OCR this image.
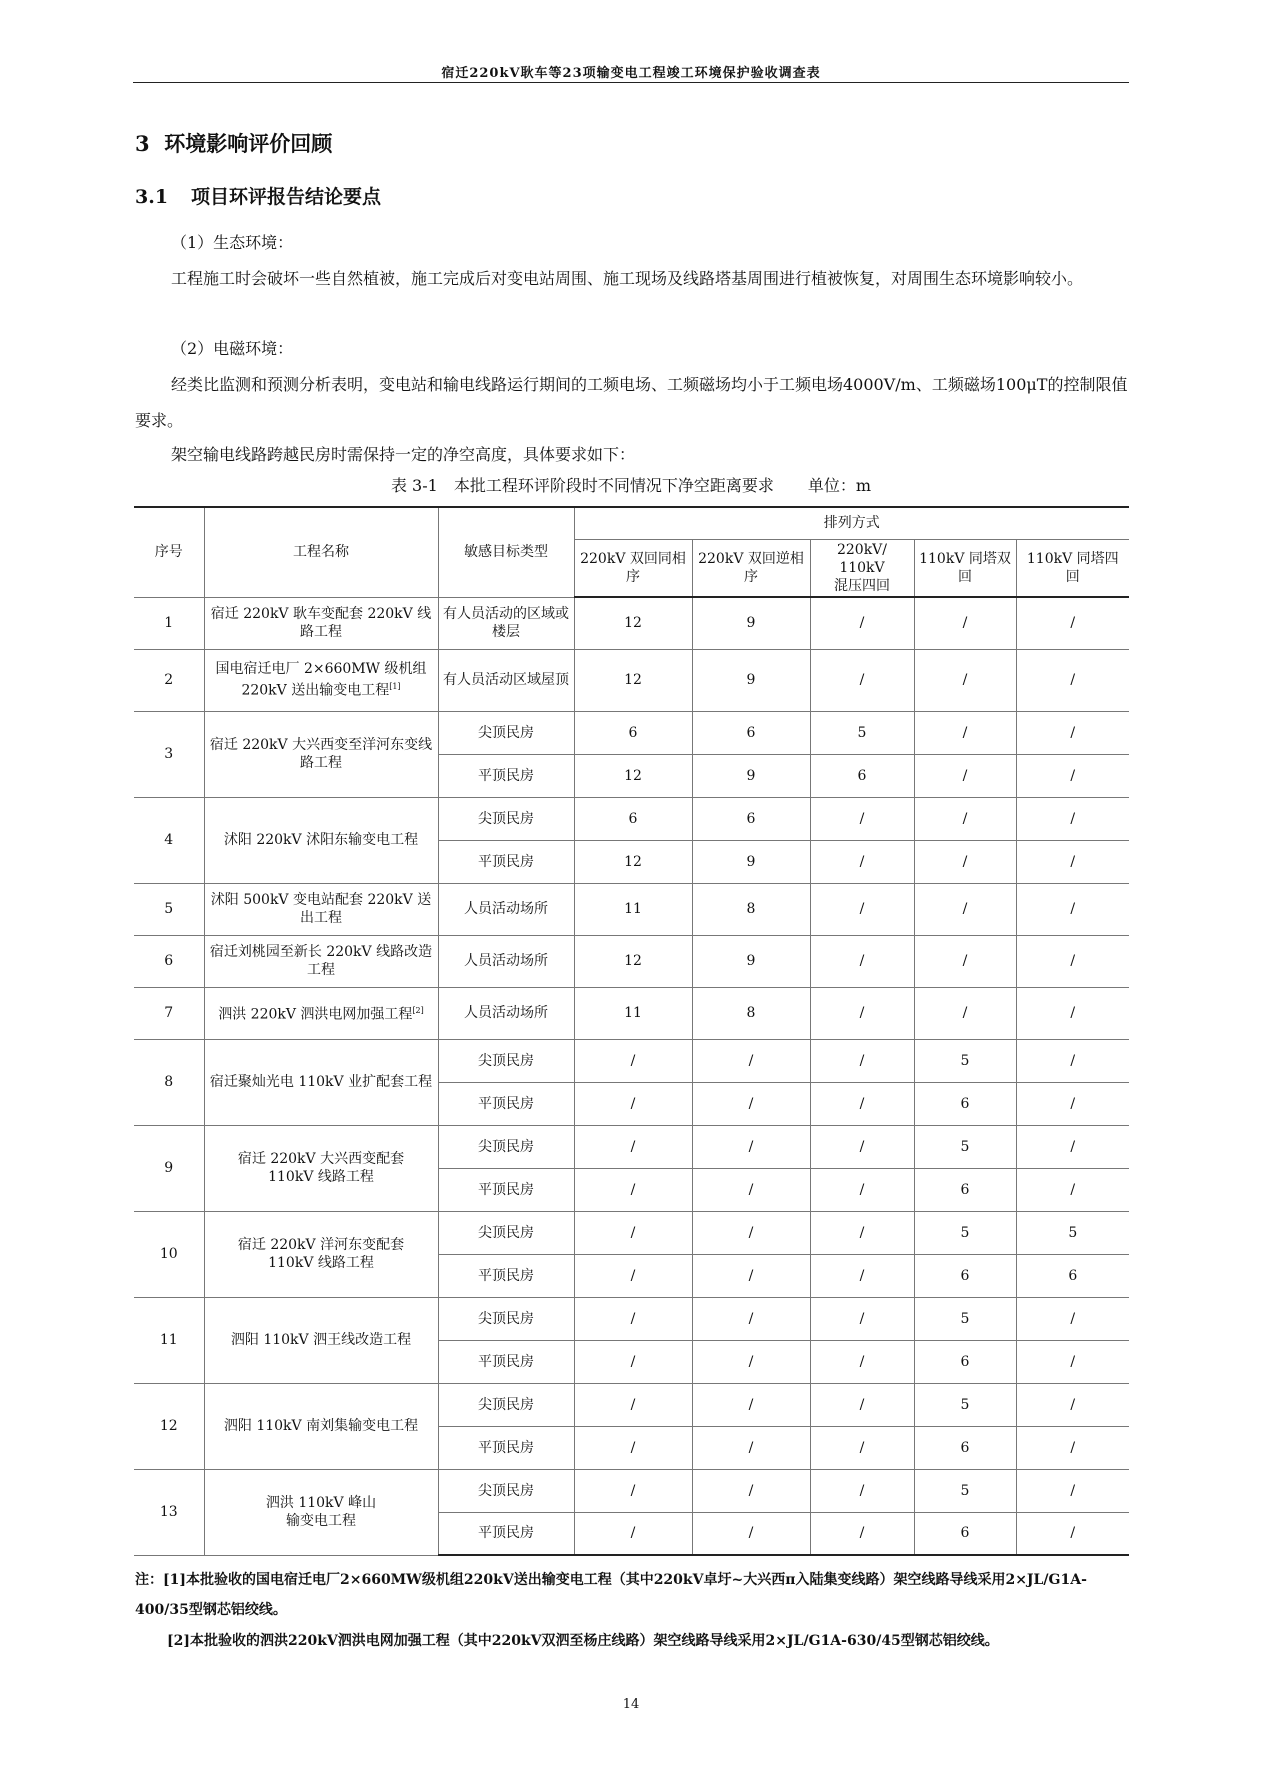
宿迁220kV耿车等23项输变电工程竣工环境保护验收调查表
3 环境影响评价回顾
3.1 项目环评报告结论要点
（1）生态环境：
工程施工时会破坏一些自然植被，施工完成后对变电站周围、施工现场及线路塔基周围进行植被恢复，对周围生态环境影响较小。
（2）电磁环境：
经类比监测和预测分析表明，变电站和输电线路运行期间的工频电场、工频磁场均小于工频电场4000V/m、工频磁场100μT的控制限值要求。
架空输电线路跨越民房时需保持一定的净空高度，具体要求如下：
表 3-1　本批工程环评阶段时不同情况下净空距离要求 单位：m
序号	工程名称	敏感目标类型	排列方式				
			220kV 双回同相序	220kV 双回逆相序	220kV/
110kV
混压四回	110kV 同塔双回	110kV 同塔四回
1	宿迁 220kV 耿车变配套 220kV 线路工程	有人员活动的区域或楼层	12	9	/	/	/
2	国电宿迁电厂 2×660MW 级机组
220kV 送出输变电工程[1]	有人员活动区域屋顶	12	9	/	/	/
3	宿迁 220kV 大兴西变至洋河东变线路工程	尖顶民房	6	6	5	/	/
		平顶民房	12	9	6	/	/
4	沭阳 220kV 沭阳东输变电工程	尖顶民房	6	6	/	/	/
		平顶民房	12	9	/	/	/
5	沭阳 500kV 变电站配套 220kV 送出工程	人员活动场所	11	8	/	/	/
6	宿迁刘桃园至新长 220kV 线路改造工程	人员活动场所	12	9	/	/	/
7	泗洪 220kV 泗洪电网加强工程[2]	人员活动场所	11	8	/	/	/
8	宿迁聚灿光电 110kV 业扩配套工程	尖顶民房	/	/	/	5	/
		平顶民房	/	/	/	6	/
9	宿迁 220kV 大兴西变配套
110kV 线路工程	尖顶民房	/	/	/	5	/
		平顶民房	/	/	/	6	/
10	宿迁 220kV 洋河东变配套
110kV 线路工程	尖顶民房	/	/	/	5	5
		平顶民房	/	/	/	6	6
11	泗阳 110kV 泗王线改造工程	尖顶民房	/	/	/	5	/
		平顶民房	/	/	/	6	/
12	泗阳 110kV 南刘集输变电工程	尖顶民房	/	/	/	5	/
		平顶民房	/	/	/	6	/
13	泗洪 110kV 峰山
输变电工程	尖顶民房	/	/	/	5	/
		平顶民房	/	/	/	6	/
注：[1]本批验收的国电宿迁电厂2×660MW级机组220kV送出输变电工程（其中220kV卓圩~大兴西π入陆集变线路）架空线路导线采用2×JL/G1A-400/35型钢芯铝绞线。
[2]本批验收的泗洪220kV泗洪电网加强工程（其中220kV双泗至杨庄线路）架空线路导线采用2×JL/G1A-630/45型钢芯铝绞线。
14
